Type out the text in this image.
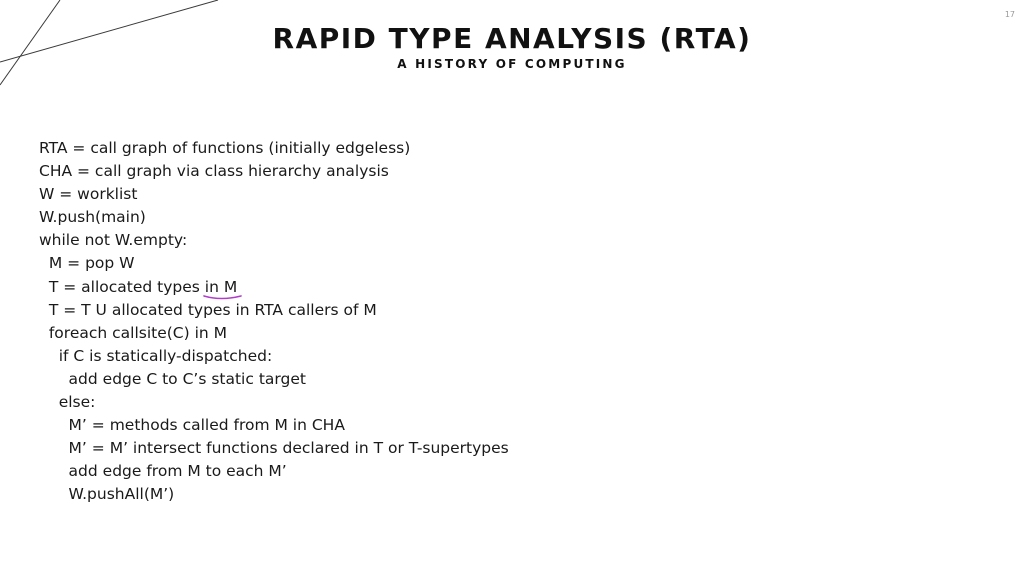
17
RAPID TYPE ANALYSIS (RTA)
A HISTORY OF COMPUTING
RTA = call graph of functions (initially edgeless)
CHA = call graph via class hierarchy analysis
W = worklist
W.push(main)
while not W.empty:
M = pop W
T = allocated types in M
T = T U allocated types in RTA callers of M
foreach callsite(C) in M
if C is statically-dispatched:
add edge C to C’s static target
else:
M’ = methods called from M in CHA
M’ = M’ intersect functions declared in T or T-supertypes
add edge from M to each M’
W.pushAll(M’)
